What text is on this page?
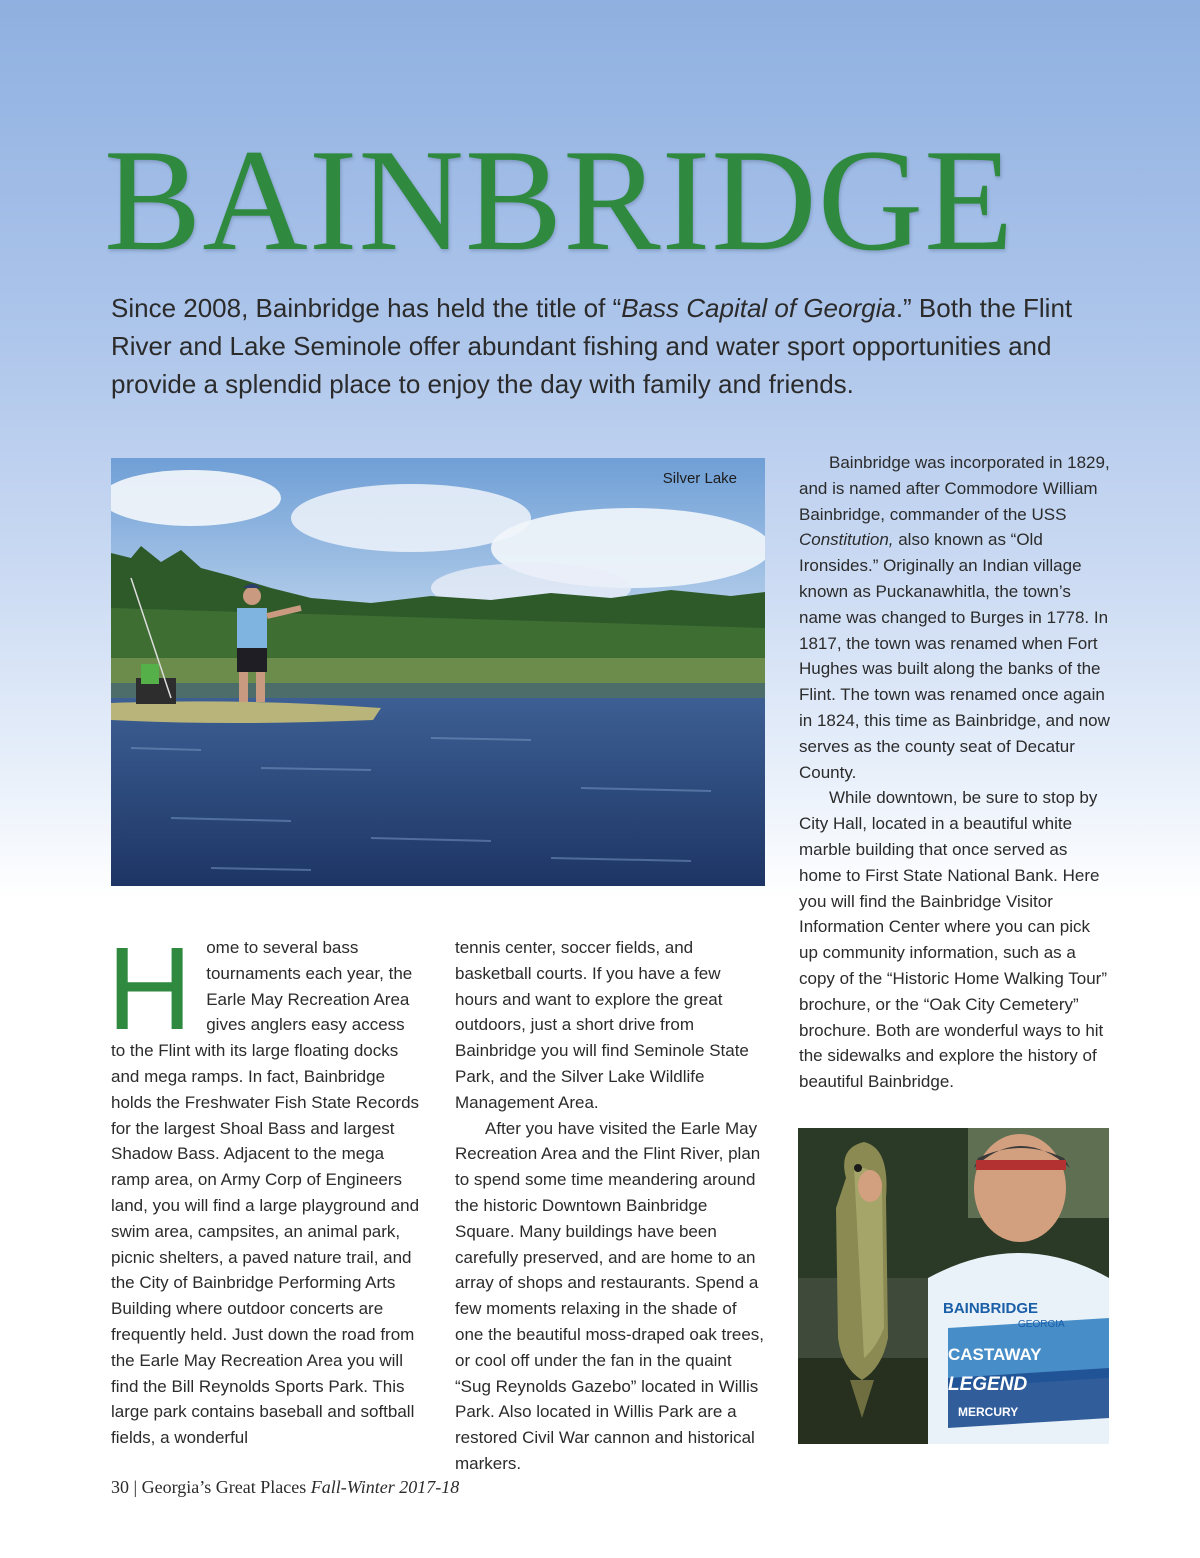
BAINBRIDGE

Since 2008, Bainbridge has held the title of “Bass Capital of Georgia.” Both the Flint River and Lake Seminole offer abundant fishing and water sport opportunities and provide a splendid place to enjoy the day with family and friends.

Silver Lake

Home to several bass tournaments each year, the Earle May Recreation Area gives anglers easy access to the Flint with its large floating docks and mega ramps. In fact, Bainbridge holds the Freshwater Fish State Records for the largest Shoal Bass and largest Shadow Bass. Adjacent to the mega ramp area, on Army Corp of Engineers land, you will find a large playground and swim area, campsites, an animal park, picnic shelters, a paved nature trail, and the City of Bainbridge Performing Arts Building where outdoor concerts are frequently held. Just down the road from the Earle May Recreation Area you will find the Bill Reynolds Sports Park. This large park contains baseball and softball fields, a wonderful

tennis center, soccer fields, and basketball courts. If you have a few hours and want to explore the great outdoors, just a short drive from Bainbridge you will find Seminole State Park, and the Silver Lake Wildlife Management Area.

After you have visited the Earle May Recreation Area and the Flint River, plan to spend some time meandering around the historic Downtown Bainbridge Square. Many buildings have been carefully preserved, and are home to an array of shops and restaurants. Spend a few moments relaxing in the shade of one the beautiful moss-draped oak trees, or cool off under the fan in the quaint “Sug Reynolds Gazebo” located in Willis Park. Also located in Willis Park are a restored Civil War cannon and historical markers.

Bainbridge was incorporated in 1829, and is named after Commodore William Bainbridge, commander of the USS Constitution, also known as “Old Ironsides.” Originally an Indian village known as Puckanawhitla, the town’s name was changed to Burges in 1778. In 1817, the town was renamed when Fort Hughes was built along the banks of the Flint. The town was renamed once again in 1824, this time as Bainbridge, and now serves as the county seat of Decatur County.

While downtown, be sure to stop by City Hall, located in a beautiful white marble building that once served as home to First State National Bank. Here you will find the Bainbridge Visitor Information Center where you can pick up community information, such as a copy of the “Historic Home Walking Tour” brochure, or the “Oak City Cemetery” brochure. Both are wonderful ways to hit the sidewalks and explore the history of beautiful Bainbridge.

BAINBRIDGE
GEORGIA
CASTAWAY
LEGEND
MERCURY
30 | Georgia’s Great Places Fall-Winter 2017-18
